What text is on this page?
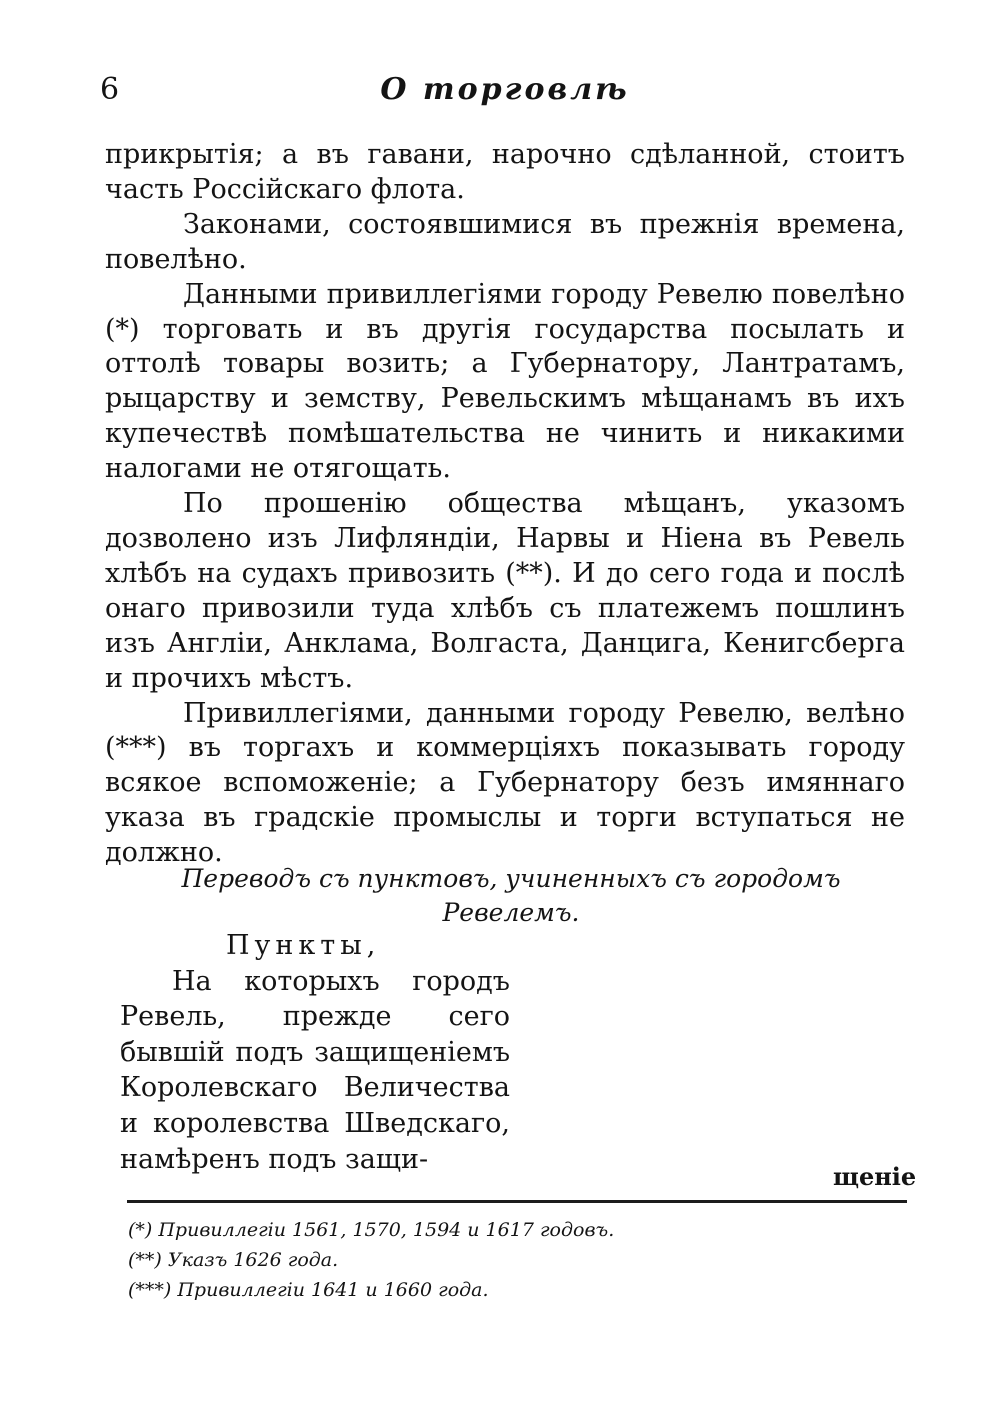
6	О торговлѣ

прикрытія; а въ гавани, нарочно сдѣланной, стоитъ часть Россійскаго флота.

Законами, состоявшимися въ прежнія времена, повелѣно.

Данными привиллегіями городу Ревелю повелѣно (*) торговать и въ другія государства посылать и оттолѣ товары возить; а Губернатору, Лантратамъ, рыцарству и земству, Ревельскимъ мѣщанамъ въ ихъ купечествѣ помѣшательства не чинить и никакими налогами не отягощать.

По прошенію общества мѣщанъ, указомъ дозволено изъ Лифляндіи, Нарвы и Ніена въ Ревель хлѣбъ на судахъ привозить (**). И до сего года и послѣ онаго привозили туда хлѣбъ съ платежемъ пошлинъ изъ Англіи, Анклама, Волгаста, Данцига, Кенигсберга и прочихъ мѣстъ.

Привиллегіями, данными городу Ревелю, велѣно (***) въ торгахъ и коммерціяхъ показывать городу всякое вспоможеніе; а Губернатору безъ имяннаго указа въ градскіе промыслы и торги вступаться не должно.

Переводъ съ пунктовъ, учиненныхъ съ городомъ Ревелемъ.

Пункты,

На которыхъ городъ Ревель, прежде сего бывшій подъ защищеніемъ Королевскаго Величества и королевства Шведскаго, намѣренъ подъ защи-

щеніе

(*) Привиллегіи 1561, 1570, 1594 и 1617 годовъ.

(**) Указъ 1626 года.

(***) Привиллегіи 1641 и 1660 года.
